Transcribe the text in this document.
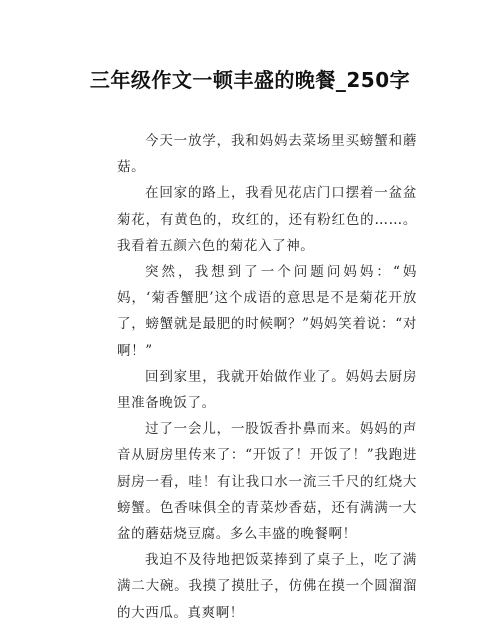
三年级作文一顿丰盛的晚餐_250字

今天一放学，我和妈妈去菜场里买螃蟹和蘑菇。

在回家的路上，我看见花店门口摆着一盆盆菊花，有黄色的，玫红的，还有粉红色的……。我看着五颜六色的菊花入了神。

突然，我想到了一个问题问妈妈：“妈妈，‘菊香蟹肥’这个成语的意思是不是菊花开放了，螃蟹就是最肥的时候啊？”妈妈笑着说：“对啊！”

回到家里，我就开始做作业了。妈妈去厨房里准备晚饭了。

过了一会儿，一股饭香扑鼻而来。妈妈的声音从厨房里传来了：“开饭了！开饭了！”我跑进厨房一看，哇！有让我口水一流三千尺的红烧大螃蟹。色香味俱全的青菜炒香菇，还有满满一大盆的蘑菇烧豆腐。多么丰盛的晚餐啊！

我迫不及待地把饭菜捧到了桌子上，吃了满满二大碗。我摸了摸肚子，仿佛在摸一个圆溜溜的大西瓜。真爽啊！
